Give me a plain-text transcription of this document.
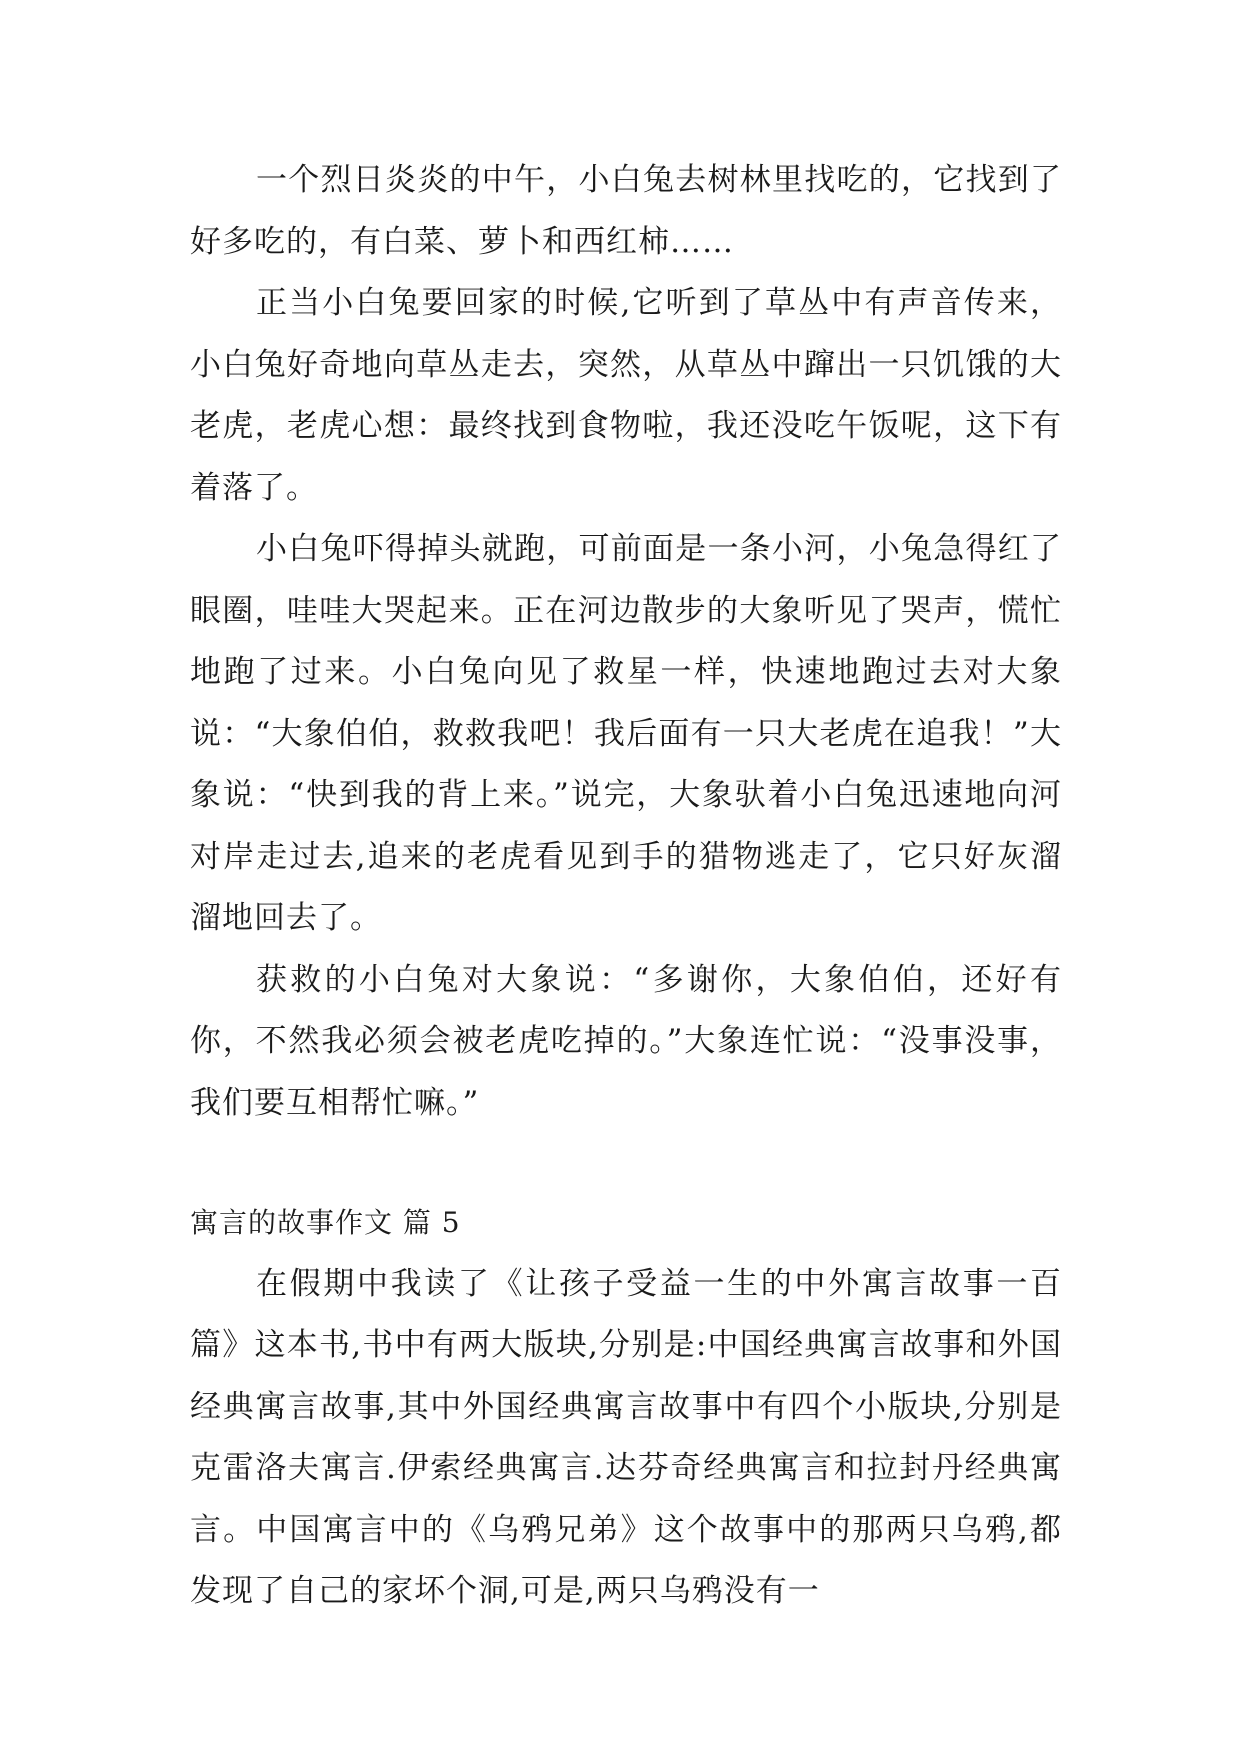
一个烈日炎炎的中午，小白兔去树林里找吃的，它找到了好多吃的，有白菜、萝卜和西红柿……

正当小白兔要回家的时候,它听到了草丛中有声音传来，小白兔好奇地向草丛走去，突然，从草丛中蹿出一只饥饿的大老虎，老虎心想：最终找到食物啦，我还没吃午饭呢，这下有着落了。

小白兔吓得掉头就跑，可前面是一条小河，小兔急得红了眼圈，哇哇大哭起来。正在河边散步的大象听见了哭声，慌忙地跑了过来。小白兔向见了救星一样，快速地跑过去对大象说：“大象伯伯，救救我吧！我后面有一只大老虎在追我！”大象说：“快到我的背上来。”说完，大象驮着小白兔迅速地向河对岸走过去,追来的老虎看见到手的猎物逃走了，它只好灰溜溜地回去了。

获救的小白兔对大象说：“多谢你，大象伯伯，还好有你，不然我必须会被老虎吃掉的。”大象连忙说：“没事没事，我们要互相帮忙嘛。”

寓言的故事作文 篇 5

在假期中我读了《让孩子受益一生的中外寓言故事一百篇》这本书,书中有两大版块,分别是:中国经典寓言故事和外国经典寓言故事,其中外国经典寓言故事中有四个小版块,分别是克雷洛夫寓言.伊索经典寓言.达芬奇经典寓言和拉封丹经典寓言。中国寓言中的《乌鸦兄弟》这个故事中的那两只乌鸦,都发现了自己的家坏个洞,可是,两只乌鸦没有一
